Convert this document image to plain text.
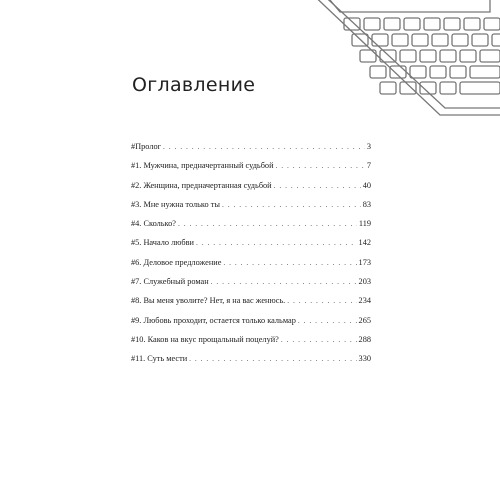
Оглавление
#Пролог . . .	3
#1. Мужчина, предначертанный судьбой . . .	7
#2. Женщина, предначертанная судьбой . . .	40
#3. Мне нужна только ты . . .	83
#4. Сколько? . . .	119
#5. Начало любви . . .	142
#6. Деловое предложение . . .	173
#7. Служебный роман . . .	203
#8. Вы меня уволите? Нет, я на вас женюсь. . . .	234
#9. Любовь проходит, остается только кальмар . . .	265
#10. Каков на вкус прощальный поцелуй? . . .	288
#11. Суть мести . . .	330
